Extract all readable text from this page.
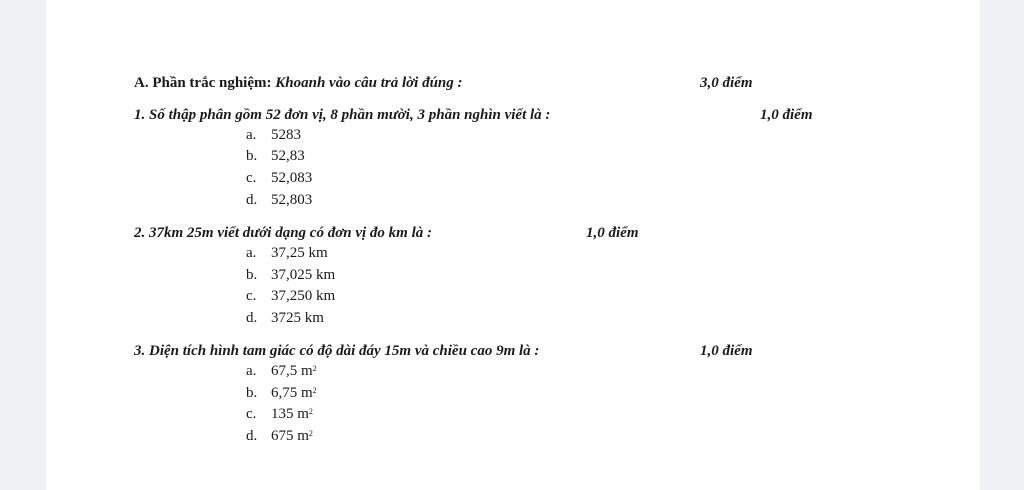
A. Phần trắc nghiệm: Khoanh vào câu trả lời đúng :	3,0 điểm
1. Số thập phân gồm 52 đơn vị, 8 phần mười, 3 phần nghìn viết là :	1,0 điểm
a. 5283
b. 52,83
c. 52,083
d. 52,803
2. 37km 25m viết dưới dạng có đơn vị đo km là :	1,0 điểm
a. 37,25 km
b. 37,025 km
c. 37,250 km
d. 3725 km
3. Diện tích hình tam giác có độ dài đáy 15m và chiều cao 9m là :	1,0 điểm
a. 67,5 $m^2$
b. 6,75 $m^2$
c. 135 $m^2$
d. 675 $m^2$
